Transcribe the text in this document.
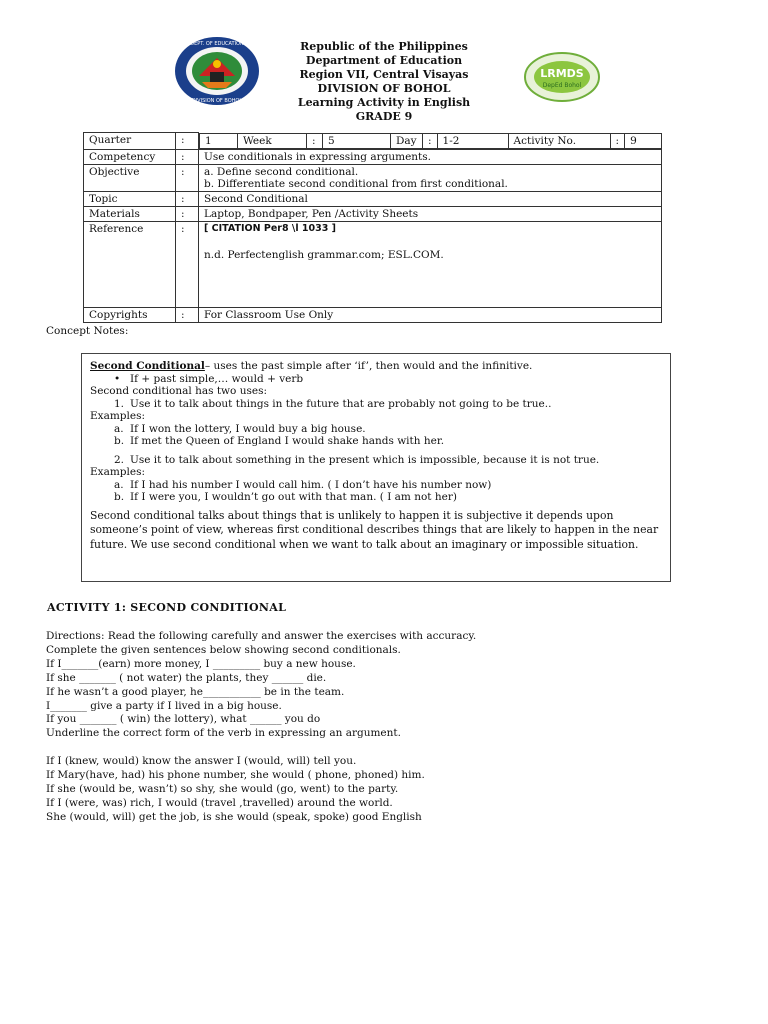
DEPT. OF EDUCATION
DIVISION OF BOHOL
Republic of the Philippines
Department of Education
Region VII, Central Visayas
DIVISION OF BOHOL
Learning Activity in English
GRADE 9
LRMDS
DepEd Bohol
Quarter	:	1	Week	:	5	Day	:	1-2	Activity No.	:	9

Competency	:	Use conditionals in expressing arguments.
Objective	:	a. Define second conditional.
b. Differentiate second conditional from first conditional.

Topic	:	Second Conditional
Materials	:	Laptop, Bondpaper, Pen /Activity Sheets
Reference	:	[ CITATION Per8 \l 1033 ]
n.d. Perfectenglish grammar.com; ESL.COM.

Copyrights	:	For Classroom Use Only
Concept Notes:
Second Conditional– uses the past simple after ‘if’, then would and the infinitive.
• If + past simple,… would + verb
Second conditional has two uses:
1. Use it to talk about things in the future that are probably not going to be true..
Examples:
a. If I won the lottery, I would buy a big house.
b. If met the Queen of England I would shake hands with her.
2. Use it to talk about something in the present which is impossible, because it is not true.
Examples:
a. If I had his number I would call him. ( I don’t have his number now)
b. If I were you, I wouldn’t go out with that man. ( I am not her)
Second conditional talks about things that is unlikely to happen it is subjective it depends upon someone’s point of view, whereas first conditional describes things that are likely to happen in the near future. We use second conditional when we want to talk about an imaginary or impossible situation.
ACTIVITY 1: SECOND CONDITIONAL
Directions: Read the following carefully and answer the exercises with accuracy.
Complete the given sentences below showing second conditionals.
If I_______(earn) more money, I _________ buy a new house.
If she _______ ( not water) the plants, they ______ die.
If he wasn’t a good player, he___________ be in the team.
I_______ give a party if I lived in a big house.
If you _______ ( win) the lottery), what ______ you do
Underline the correct form of the verb in expressing an argument.
If I (knew, would) know the answer I (would, will) tell you.
If Mary(have, had) his phone number, she would ( phone, phoned) him.
If she (would be, wasn’t) so shy, she would (go, went) to the party.
If I (were, was) rich, I would (travel ,travelled) around the world.
She (would, will) get the job, is she would (speak, spoke) good English
